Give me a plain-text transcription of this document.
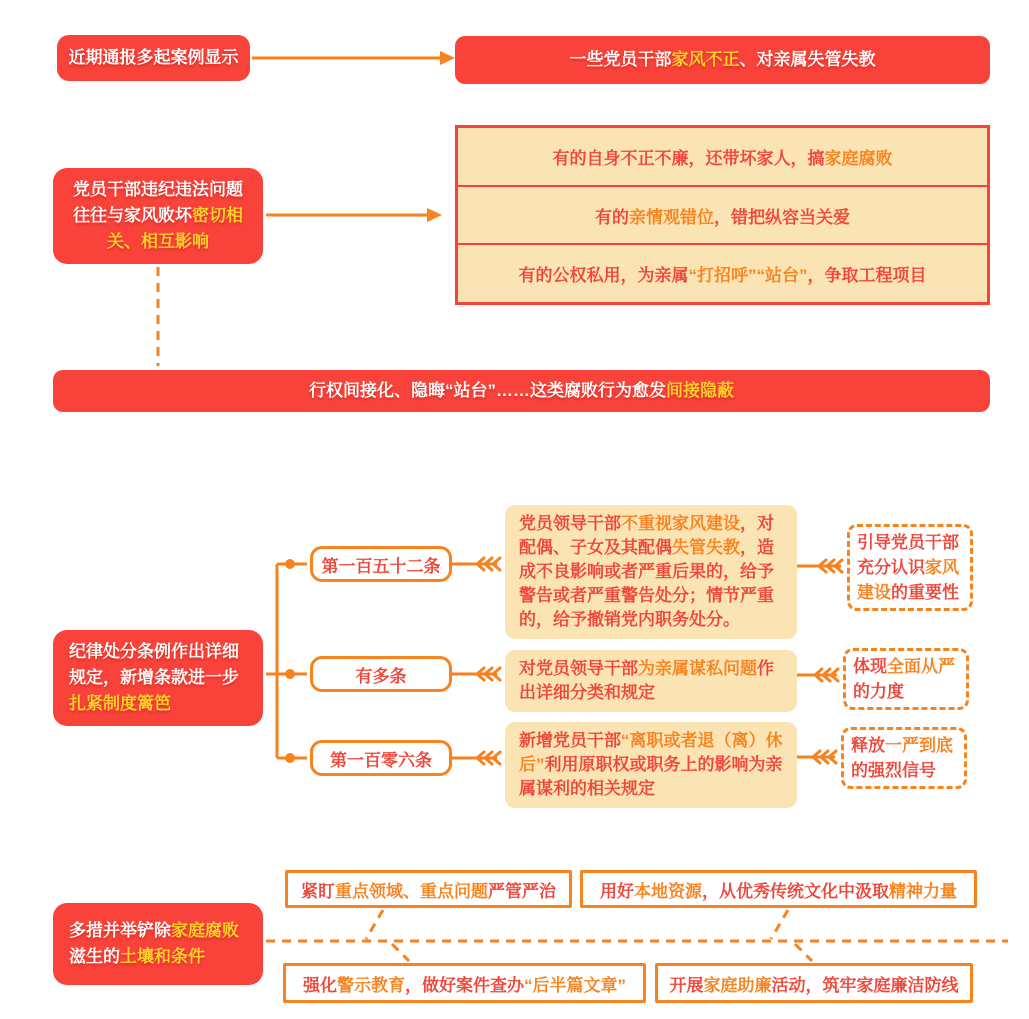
近期通报多起案例显示	一些党员干部家风不正、对亲属失管失教
党员干部违纪违法问题往往与家风败坏密切相关、相互影响
有的自身不正不廉，还带坏家人，搞 家庭腐败
有的 亲情观错位 ，错把纵容当关爱
有的公权私用，为亲属 “打招呼”“站台” ，争取工程项目
行权间接化、隐晦“站台”……这类腐败行为愈发间接隐蔽
纪律处分条例作出详细规定，新增条款进一步扎紧制度篱笆
第一百五十二条
党员领导干部不重视家风建设，对配偶、子女及其配偶失管失教，造成不良影响或者严重后果的，给予警告或者严重警告处分；情节严重的，给予撤销党内职务处分。
引导党员干部充分认识家风建设的重要性
有多条	对党员领导干部为亲属谋私问题作出详细分类和规定
体现全面从严的力度
第一百零六条
新增党员干部“离职或者退（离）休后”利用原职权或职务上的影响为亲属谋利的相关规定
释放一严到底的强烈信号
多措并举铲除家庭腐败滋生的土壤和条件
紧盯 重点领域、重点问题 严管严治	用好 本地资源 ，从优秀传统文化中汲取 精神力量
强化 警示教育 ，做好案件查办 “后半篇文章”	开展 家庭助廉 活动，筑牢家庭廉洁防线
